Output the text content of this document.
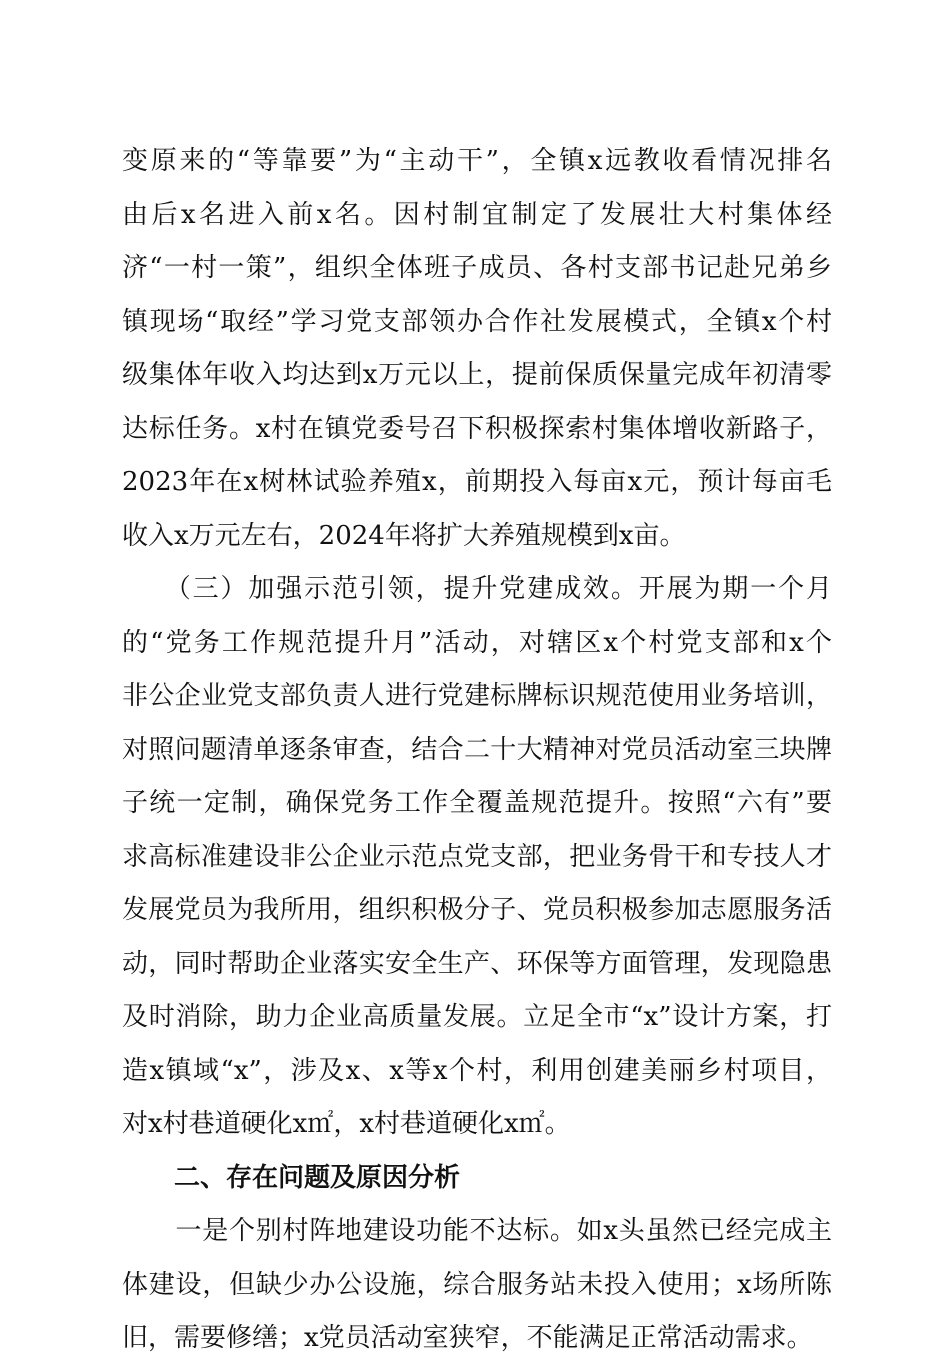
变原来的“等靠要”为“主动干”，全镇x远教收看情况排名
由后x名进入前x名。因村制宜制定了发展壮大村集体经
济“一村一策”，组织全体班子成员、各村支部书记赴兄弟乡
镇现场“取经”学习党支部领办合作社发展模式，全镇x个村
级集体年收入均达到x万元以上，提前保质保量完成年初清零
达标任务。x村在镇党委号召下积极探索村集体增收新路子，
2023年在x树林试验养殖x，前期投入每亩x元，预计每亩毛
收入x万元左右，2024年将扩大养殖规模到x亩。
　　（三）加强示范引领，提升党建成效。开展为期一个月
的“党务工作规范提升月”活动，对辖区x个村党支部和x个
非公企业党支部负责人进行党建标牌标识规范使用业务培训，
对照问题清单逐条审查，结合二十大精神对党员活动室三块牌
子统一定制，确保党务工作全覆盖规范提升。按照“六有”要
求高标准建设非公企业示范点党支部，把业务骨干和专技人才
发展党员为我所用，组织积极分子、党员积极参加志愿服务活
动，同时帮助企业落实安全生产、环保等方面管理，发现隐患
及时消除，助力企业高质量发展。立足全市“x”设计方案，打
造x镇域“x”，涉及x、x等x个村，利用创建美丽乡村项目，
对x村巷道硬化x㎡，x村巷道硬化x㎡。
　　二、存在问题及原因分析
　　一是个别村阵地建设功能不达标。如x头虽然已经完成主
体建设，但缺少办公设施，综合服务站未投入使用；x场所陈
旧，需要修缮；x党员活动室狭窄，不能满足正常活动需求。
